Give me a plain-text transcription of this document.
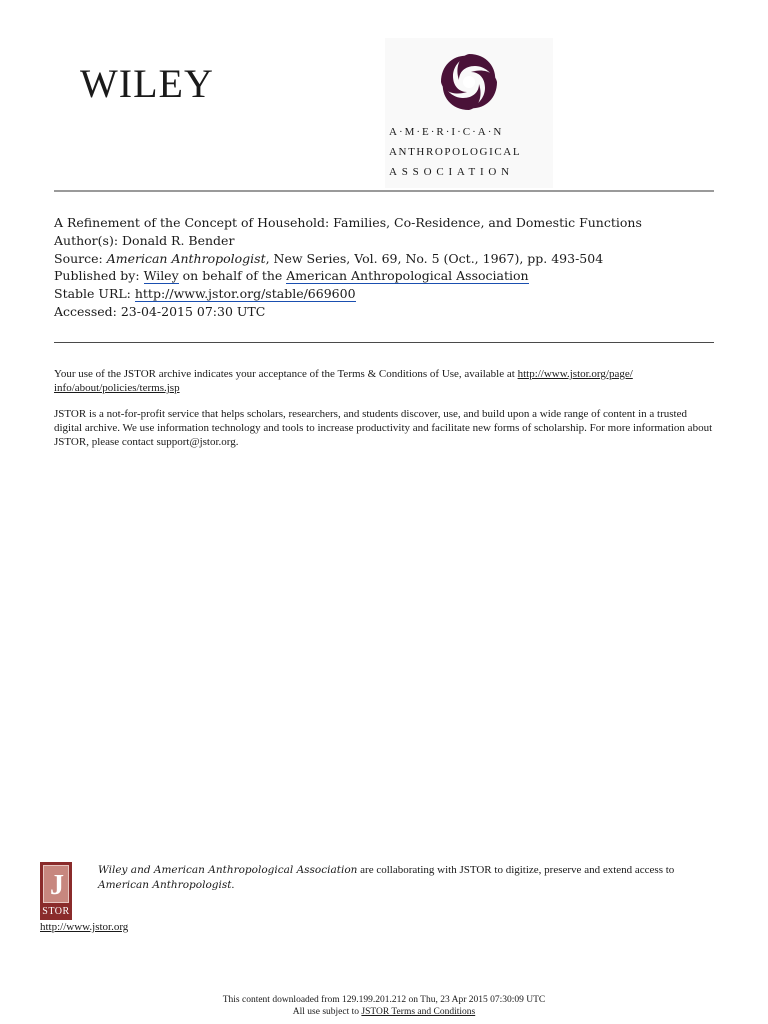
WILEY
A·M·E·R·I·C·A·N
ANTHROPOLOGICAL
ASSOCIATION
A Refinement of the Concept of Household: Families, Co-Residence, and Domestic Functions
Author(s): Donald R. Bender
Source: American Anthropologist, New Series, Vol. 69, No. 5 (Oct., 1967), pp. 493-504
Published by: Wiley on behalf of the American Anthropological Association
Stable URL: http://www.jstor.org/stable/669600
Accessed: 23-04-2015 07:30 UTC

Your use of the JSTOR archive indicates your acceptance of the Terms & Conditions of Use, available at http://www.jstor.org/page/
info/about/policies/terms.jsp

JSTOR is a not-for-profit service that helps scholars, researchers, and students discover, use, and build upon a wide range of content in a trusted digital archive. We use information technology and tools to increase productivity and facilitate new forms of scholarship. For more information about JSTOR, please contact support@jstor.org.

J
STOR
Wiley and American Anthropological Association are collaborating with JSTOR to digitize, preserve and extend access to American Anthropologist.
http://www.jstor.org
This content downloaded from 129.199.201.212 on Thu, 23 Apr 2015 07:30:09 UTC
All use subject to JSTOR Terms and Conditions
